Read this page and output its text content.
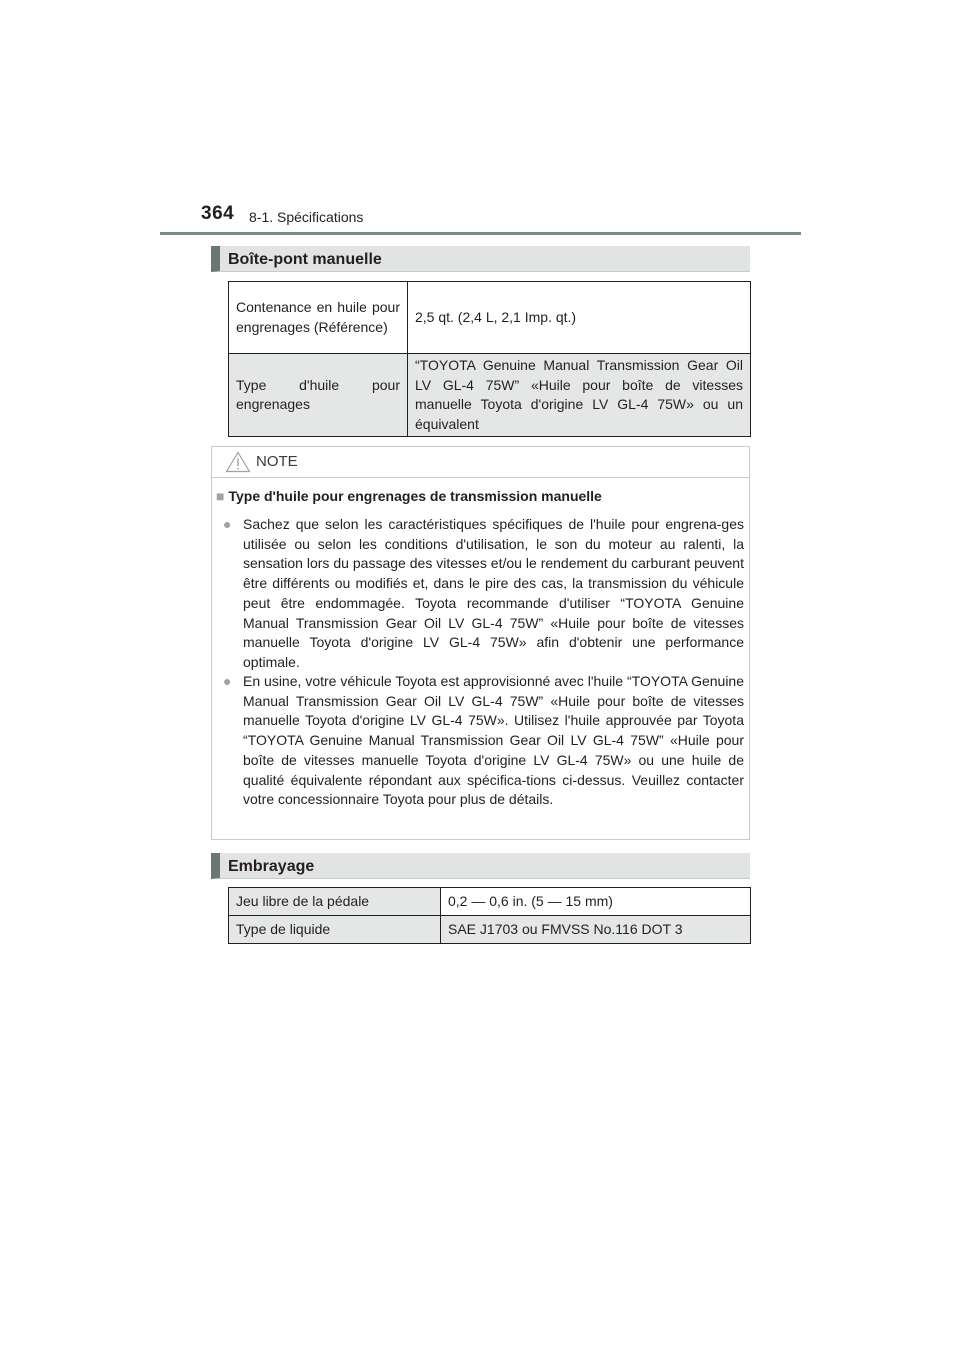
364 8-1. Spécifications
Boîte-pont manuelle
Contenance en huile pour engrenages (Référence)	2,5 qt. (2,4 L, 2,1 Imp. qt.)

Type d'huile pour engrenages	“TOYOTA Genuine Manual Transmission Gear Oil LV GL-4 75W” «Huile pour boîte de vitesses manuelle Toyota d'origine LV GL-4 75W» ou un équivalent
NOTE
■ Type d'huile pour engrenages de transmission manuelle
● Sachez que selon les caractéristiques spécifiques de l'huile pour engrena-ges utilisée ou selon les conditions d'utilisation, le son du moteur au ralenti, la sensation lors du passage des vitesses et/ou le rendement du carburant peuvent être différents ou modifiés et, dans le pire des cas, la transmission du véhicule peut être endommagée. Toyota recommande d'utiliser “TOYOTA Genuine Manual Transmission Gear Oil LV GL-4 75W” «Huile pour boîte de vitesses manuelle Toyota d'origine LV GL-4 75W» afin d'obtenir une performance optimale.
● En usine, votre véhicule Toyota est approvisionné avec l'huile “TOYOTA Genuine Manual Transmission Gear Oil LV GL-4 75W” «Huile pour boîte de vitesses manuelle Toyota d'origine LV GL-4 75W». Utilisez l'huile approuvée par Toyota “TOYOTA Genuine Manual Transmission Gear Oil LV GL-4 75W” «Huile pour boîte de vitesses manuelle Toyota d'origine LV GL-4 75W» ou une huile de qualité équivalente répondant aux spécifica-tions ci-dessus. Veuillez contacter votre concessionnaire Toyota pour plus de détails.
Embrayage
Jeu libre de la pédale	0,2 — 0,6 in. (5 — 15 mm)
Type de liquide	SAE J1703 ou FMVSS No.116 DOT 3
